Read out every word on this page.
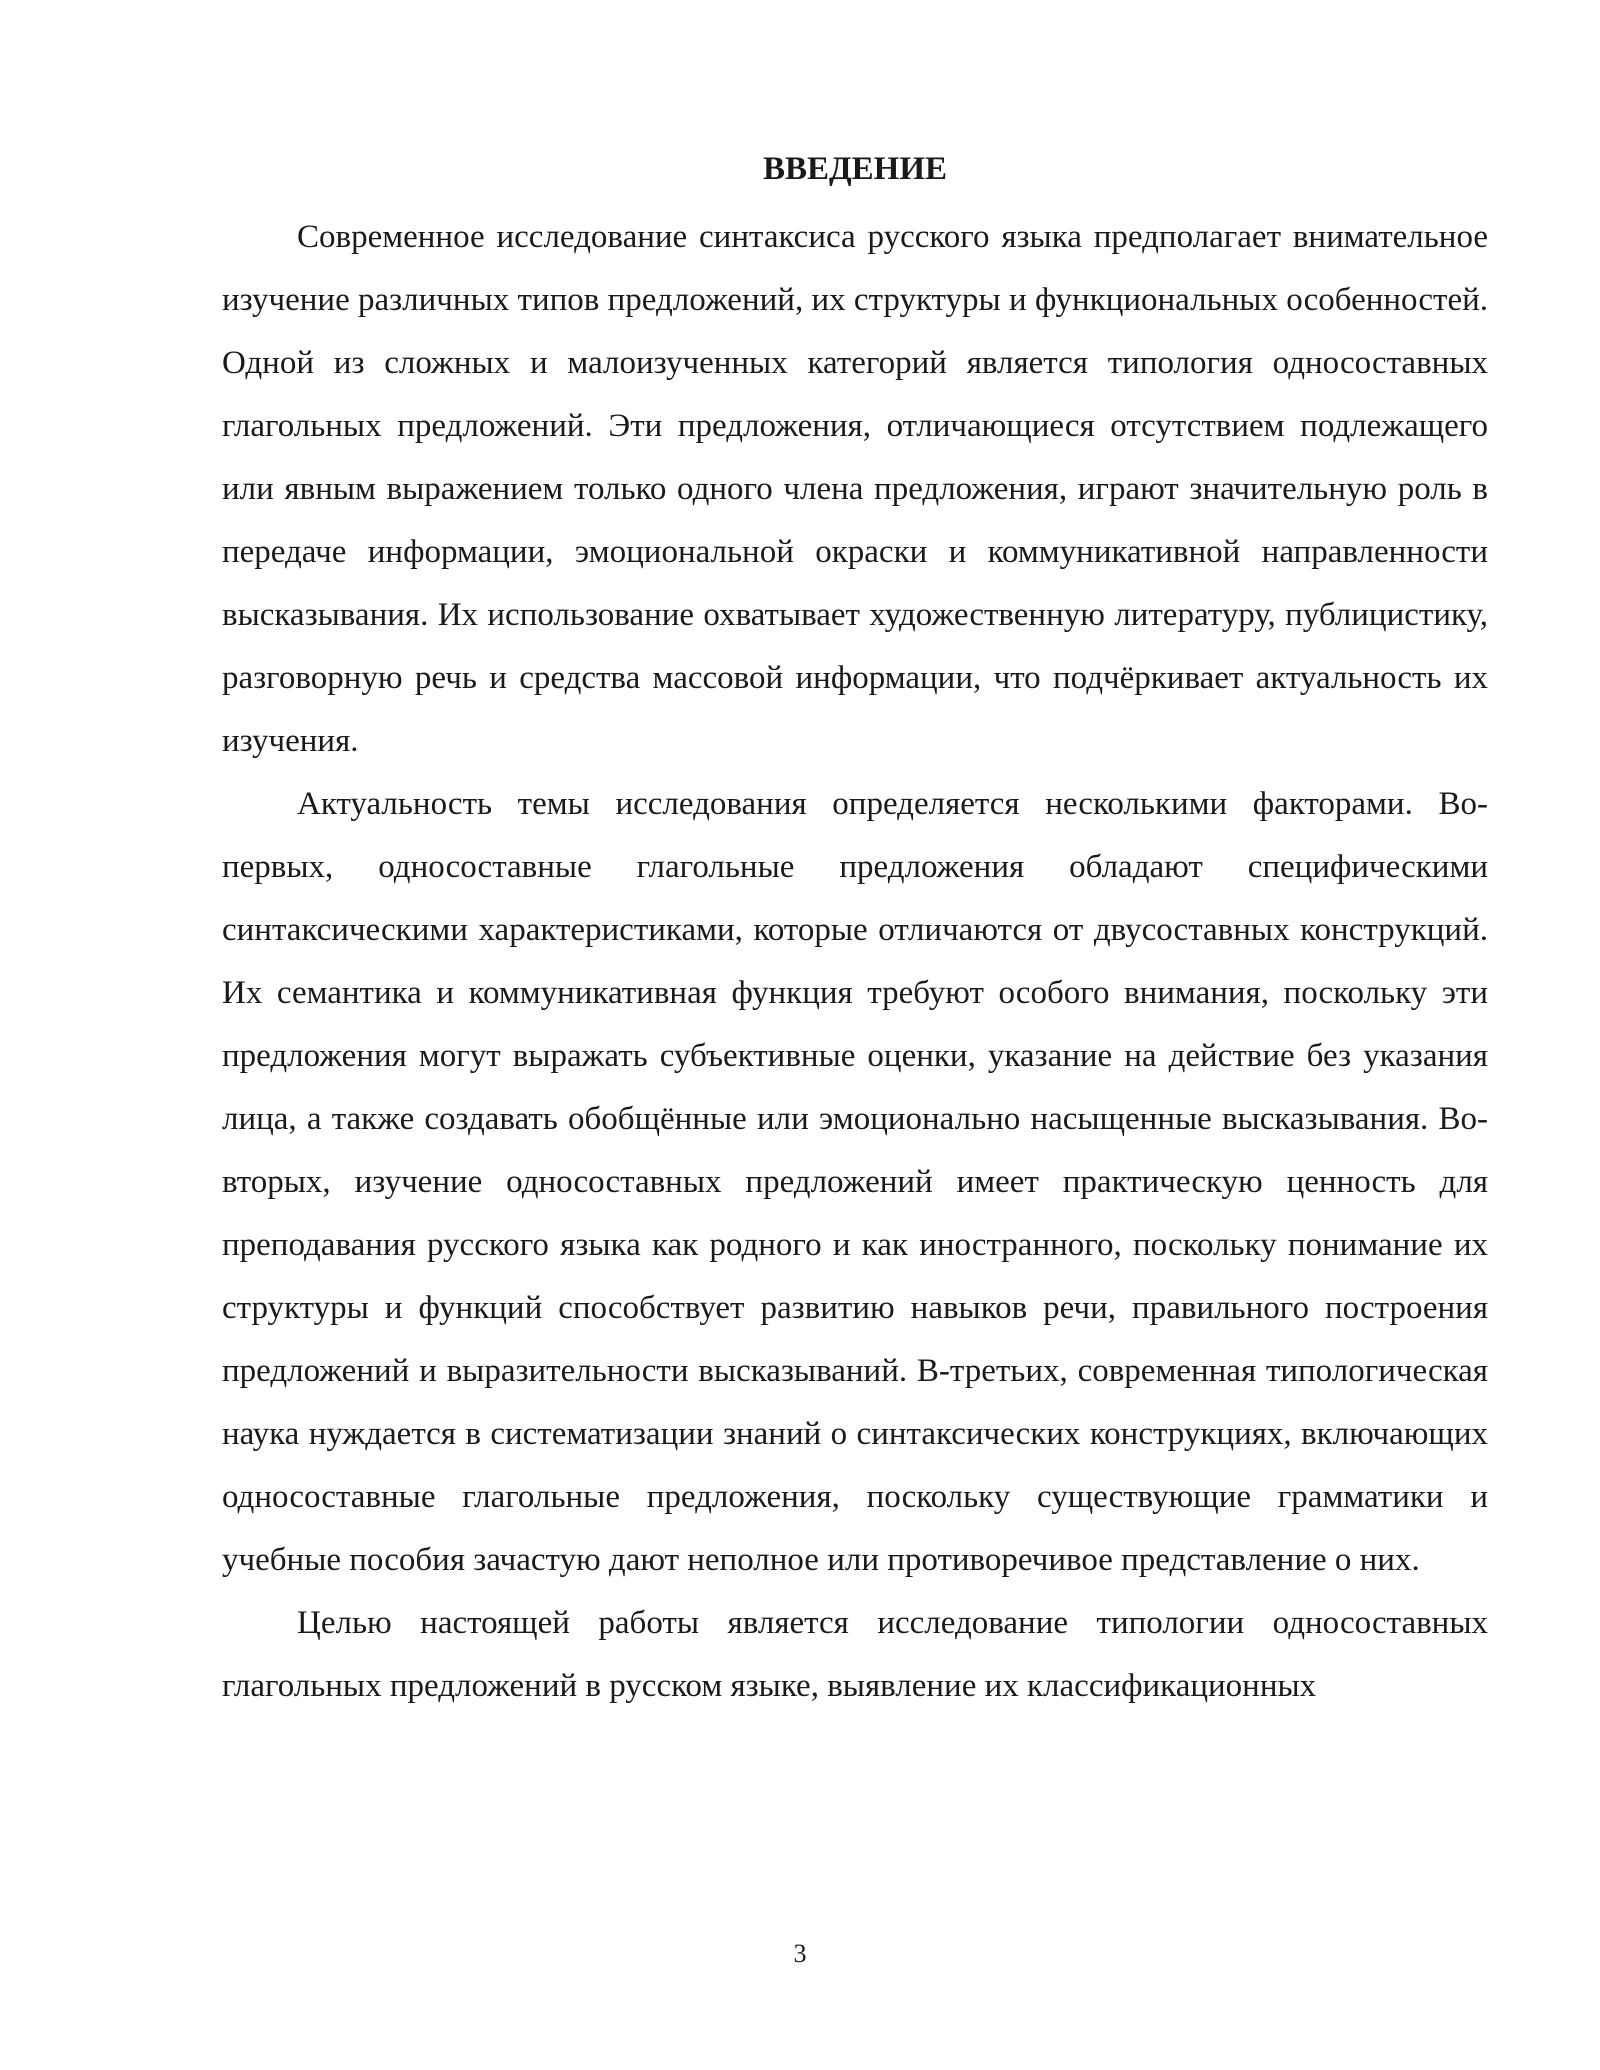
ВВЕДЕНИЕ

Современное исследование синтаксиса русского языка предполагает внимательное изучение различных типов предложений, их структуры и функциональных особенностей. Одной из сложных и малоизученных категорий является типология односоставных глагольных предложений. Эти предложения, отличающиеся отсутствием подлежащего или явным выражением только одного члена предложения, играют значительную роль в передаче информации, эмоциональной окраски и коммуникативной направленности высказывания. Их использование охватывает художественную литературу, публицистику, разговорную речь и средства массовой информации, что подчёркивает актуальность их изучения.

Актуальность темы исследования определяется несколькими факторами. Во-первых, односоставные глагольные предложения обладают специфическими синтаксическими характеристиками, которые отличаются от двусоставных конструкций. Их семантика и коммуникативная функция требуют особого внимания, поскольку эти предложения могут выражать субъективные оценки, указание на действие без указания лица, а также создавать обобщённые или эмоционально насыщенные высказывания. Во-вторых, изучение односоставных предложений имеет практическую ценность для преподавания русского языка как родного и как иностранного, поскольку понимание их структуры и функций способствует развитию навыков речи, правильного построения предложений и выразительности высказываний. В-третьих, современная типологическая наука нуждается в систематизации знаний о синтаксических конструкциях, включающих односоставные глагольные предложения, поскольку существующие грамматики и учебные пособия зачастую дают неполное или противоречивое представление о них.

Целью настоящей работы является исследование типологии односоставных глагольных предложений в русском языке, выявление их классификационных

3
